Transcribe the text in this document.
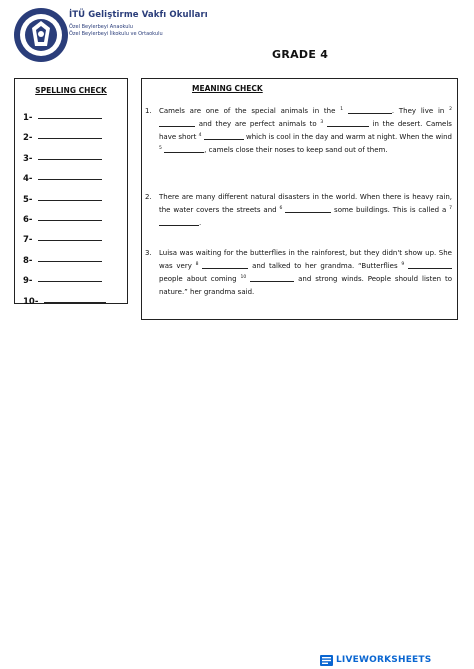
İTÜ Geliştirme Vakfı Okulları
Özel Beylerbeyi Anaokulu
Özel Beylerbeyi İlkokulu ve Ortaokulu
GRADE 4
SPELLING CHECK
1-
2-
3-
4-
5-
6-
7-
8-
9-
10-
MEANING CHECK
1. Camels are one of the special animals in the $^1$	. They live in $^2$  and they are perfect animals to $^3$	in the desert. Camels have short $^4$	which is cool in the day and warm at night. When the wind $^5$	, camels close their noses to keep sand out of them.
2. There are many different natural disasters in the world. When there is heavy rain, the water covers the streets and $^6$	some buildings. This is called a $^7$ .
3. Luisa was waiting for the butterflies in the rainforest, but they didn't show up. She was very $^8$	and talked to her grandma. “Butterflies $^9$  people about coming $^{10}$	and strong winds. People should listen to nature.” her grandma said.
LIVEWORKSHEETS
